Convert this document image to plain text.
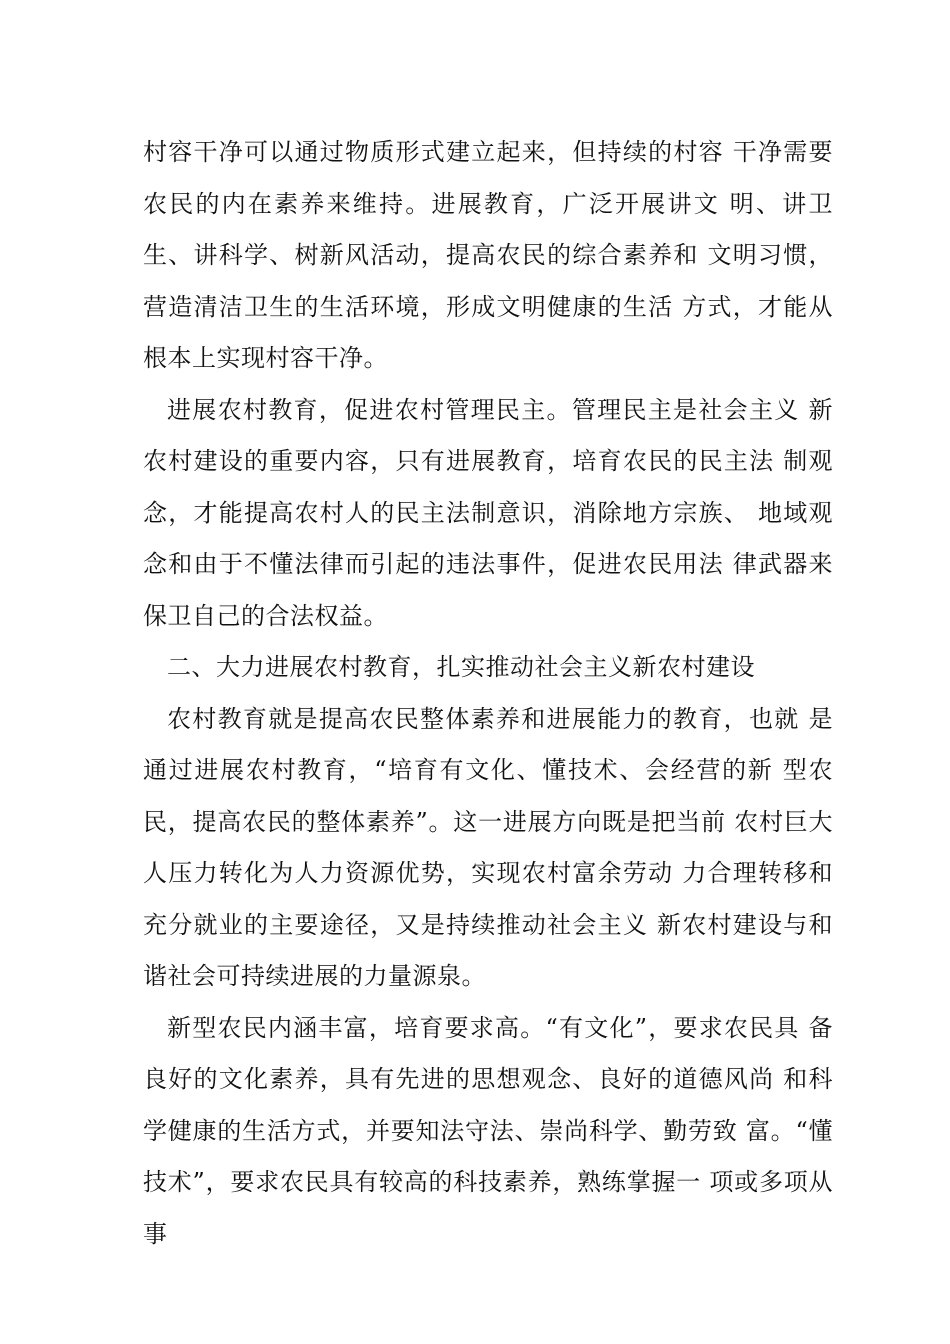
村容干净可以通过物质形式建立起来，但持续的村容 干净需要农民的内在素养来维持。进展教育，广泛开展讲文 明、讲卫生、讲科学、树新风活动，提高农民的综合素养和 文明习惯，营造清洁卫生的生活环境，形成文明健康的生活 方式，才能从根本上实现村容干净。

进展农村教育，促进农村管理民主。管理民主是社会主义 新农村建设的重要内容，只有进展教育，培育农民的民主法 制观念，才能提高农村人的民主法制意识，消除地方宗族、 地域观念和由于不懂法律而引起的违法事件，促进农民用法 律武器来保卫自己的合法权益。

二、大力进展农村教育，扎实推动社会主义新农村建设

农村教育就是提高农民整体素养和进展能力的教育，也就 是通过进展农村教育，“培育有文化、懂技术、会经营的新 型农民，提高农民的整体素养”。这一进展方向既是把当前 农村巨大人压力转化为人力资源优势，实现农村富余劳动 力合理转移和充分就业的主要途径，又是持续推动社会主义 新农村建设与和谐社会可持续进展的力量源泉。

新型农民内涵丰富，培育要求高。“有文化”，要求农民具 备良好的文化素养，具有先进的思想观念、良好的道德风尚 和科学健康的生活方式，并要知法守法、崇尚科学、勤劳致 富。“懂技术”，要求农民具有较高的科技素养，熟练掌握一 项或多项从事
